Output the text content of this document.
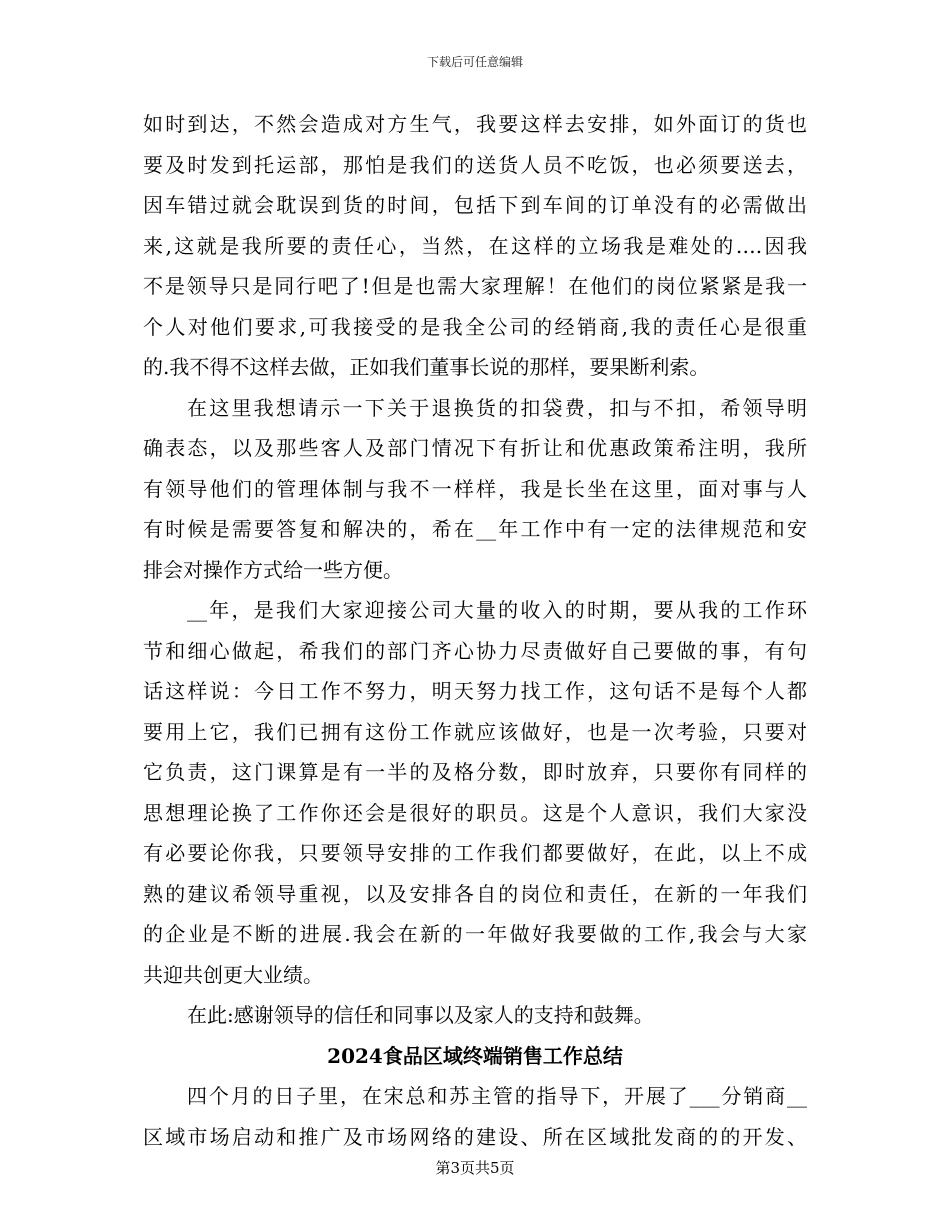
下载后可任意编辑
如时到达，不然会造成对方生气，我要这样去安排，如外面订的货也
要及时发到托运部，那怕是我们的送货人员不吃饭，也必须要送去，
因车错过就会耽误到货的时间，包括下到车间的订单没有的必需做出
来,这就是我所要的责任心，当然，在这样的立场我是难处的….因我
不是领导只是同行吧了!但是也需大家理解！在他们的岗位紧紧是我一
个人对他们要求,可我接受的是我全公司的经销商,我的责任心是很重
的.我不得不这样去做，正如我们董事长说的那样，要果断利索。
在这里我想请示一下关于退换货的扣袋费，扣与不扣，希领导明
确表态，以及那些客人及部门情况下有折让和优惠政策希注明，我所
有领导他们的管理体制与我不一样样，我是长坐在这里，面对事与人
有时候是需要答复和解决的，希在__年工作中有一定的法律规范和安
排会对操作方式给一些方便。
__年，是我们大家迎接公司大量的收入的时期，要从我的工作环
节和细心做起，希我们的部门齐心协力尽责做好自己要做的事，有句
话这样说：今日工作不努力，明天努力找工作，这句话不是每个人都
要用上它，我们已拥有这份工作就应该做好，也是一次考验，只要对
它负责，这门课算是有一半的及格分数，即时放弃，只要你有同样的
思想理论换了工作你还会是很好的职员。这是个人意识，我们大家没
有必要论你我，只要领导安排的工作我们都要做好，在此，以上不成
熟的建议希领导重视，以及安排各自的岗位和责任，在新的一年我们
的企业是不断的进展.我会在新的一年做好我要做的工作,我会与大家
共迎共创更大业绩。
在此:感谢领导的信任和同事以及家人的支持和鼓舞。
2024食品区域终端销售工作总结
四个月的日子里，在宋总和苏主管的指导下，开展了___分销商__
区域市场启动和推广及市场网络的建设、所在区域批发商的的开发、
第3页共5页
